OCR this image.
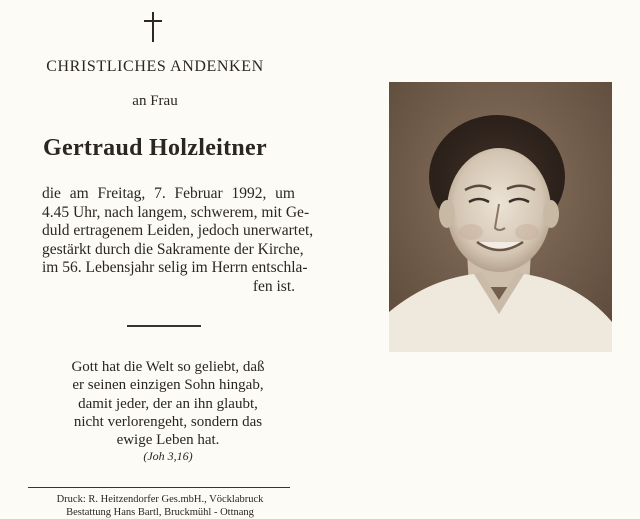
CHRISTLICHES ANDENKEN
an Frau
Gertraud Holzleitner
die am Freitag, 7. Februar 1992, um
4.45 Uhr, nach langem, schwerem, mit Ge-
duld ertragenem Leiden, jedoch unerwartet,
gestärkt durch die Sakramente der Kirche,
im 56. Lebensjahr selig im Herrn entschla-
fen ist.
Gott hat die Welt so geliebt, daß
er seinen einzigen Sohn hingab,
damit jeder, der an ihn glaubt,
nicht verlorengeht, sondern das
ewige Leben hat.
(Joh 3,16)
Druck: R. Heitzendorfer Ges.mbH., Vöcklabruck
Bestattung Hans Bartl, Bruckmühl - Ottnang
